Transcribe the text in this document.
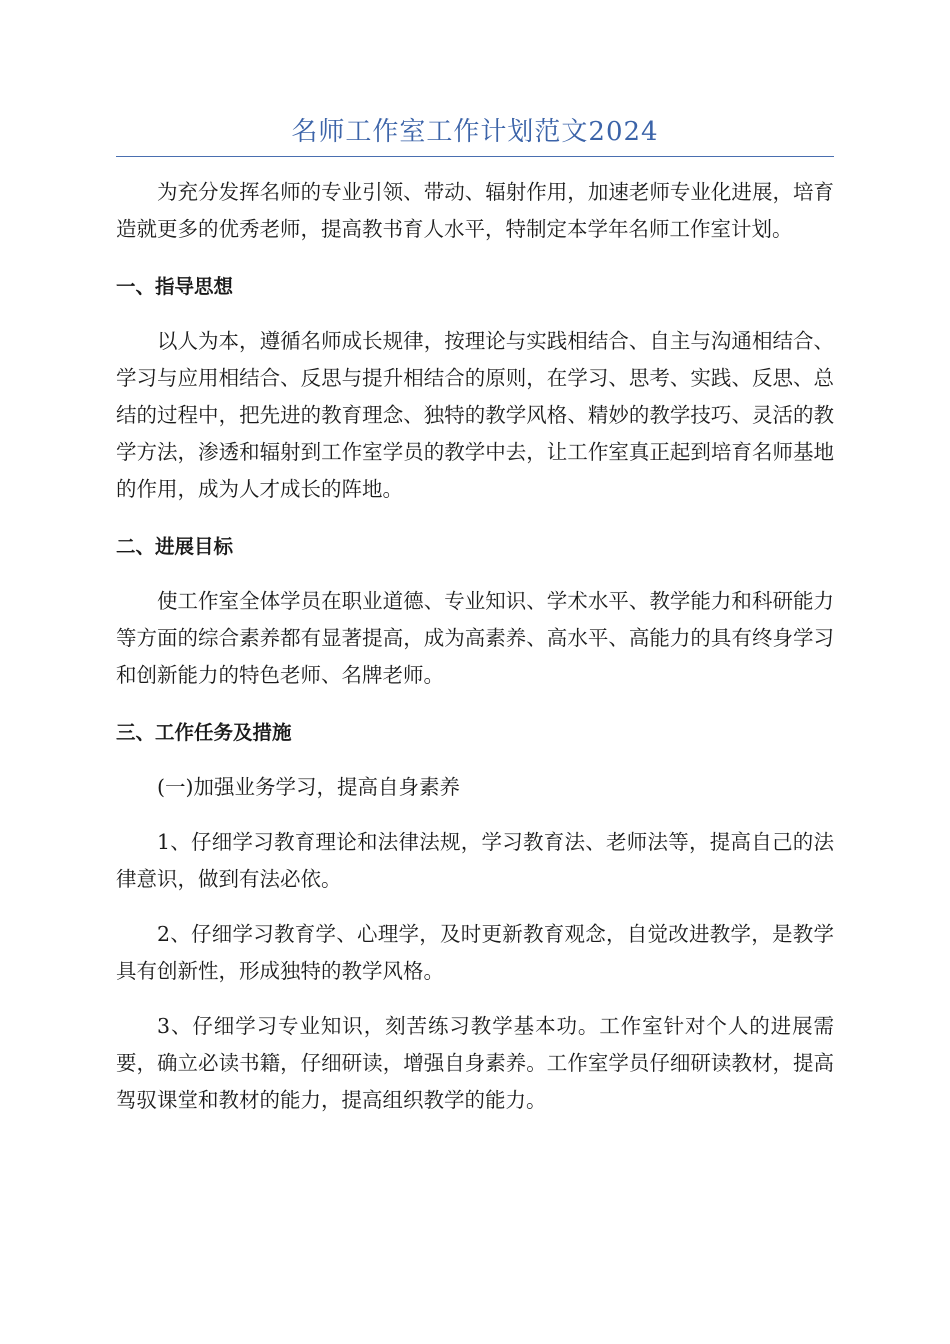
名师工作室工作计划范文2024

为充分发挥名师的专业引领、带动、辐射作用，加速老师专业化进展，培育造就更多的优秀老师，提高教书育人水平，特制定本学年名师工作室计划。

一、指导思想

以人为本，遵循名师成长规律，按理论与实践相结合、自主与沟通相结合、学习与应用相结合、反思与提升相结合的原则，在学习、思考、实践、反思、总结的过程中，把先进的教育理念、独特的教学风格、精妙的教学技巧、灵活的教学方法，渗透和辐射到工作室学员的教学中去，让工作室真正起到培育名师基地的作用，成为人才成长的阵地。

二、进展目标

使工作室全体学员在职业道德、专业知识、学术水平、教学能力和科研能力等方面的综合素养都有显著提高，成为高素养、高水平、高能力的具有终身学习和创新能力的特色老师、名牌老师。

三、工作任务及措施

(一)加强业务学习，提高自身素养

1、仔细学习教育理论和法律法规，学习教育法、老师法等，提高自己的法律意识，做到有法必依。

2、仔细学习教育学、心理学，及时更新教育观念，自觉改进教学，是教学具有创新性，形成独特的教学风格。

3、仔细学习专业知识，刻苦练习教学基本功。工作室针对个人的进展需要，确立必读书籍，仔细研读，增强自身素养。工作室学员仔细研读教材，提高驾驭课堂和教材的能力，提高组织教学的能力。
